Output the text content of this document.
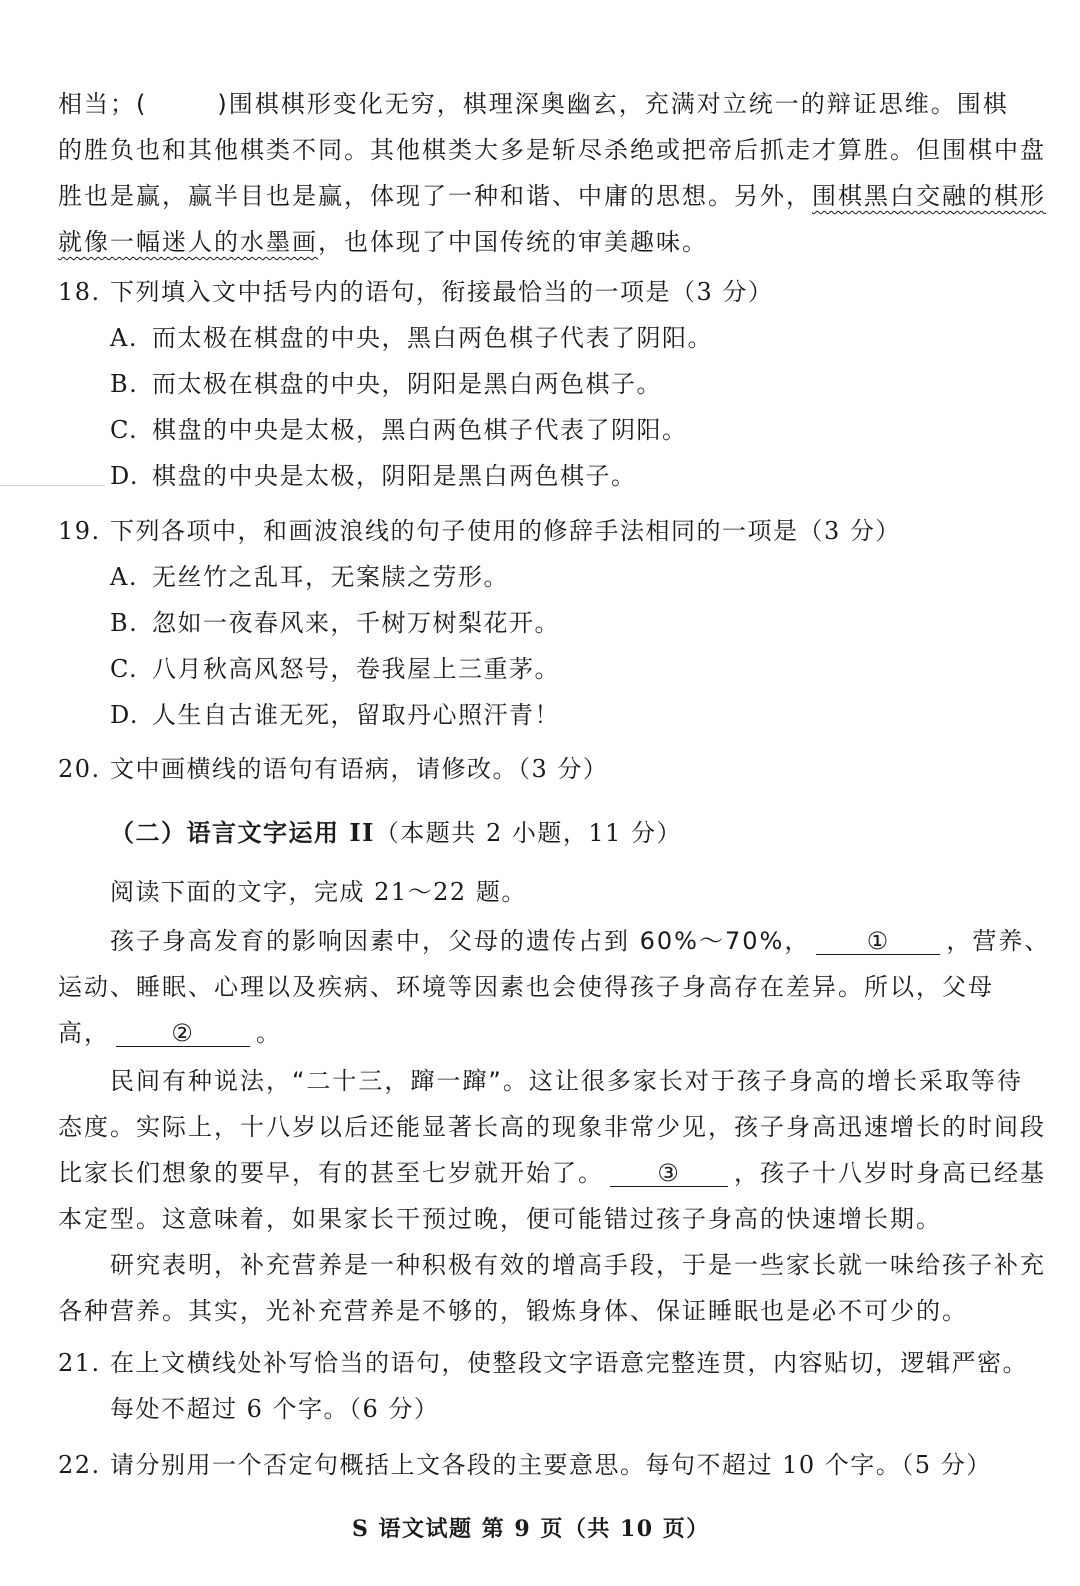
相当；(	)围棋棋形变化无穷，棋理深奥幽玄，充满对立统一的辩证思维。围棋
的胜负也和其他棋类不同。其他棋类大多是斩尽杀绝或把帝后抓走才算胜。但围棋中盘
胜也是赢，赢半目也是赢，体现了一种和谐、中庸的思想。另外，围棋黑白交融的棋形
就像一幅迷人的水墨画，也体现了中国传统的审美趣味。
18. 下列填入文中括号内的语句，衔接最恰当的一项是（3 分）
A. 而太极在棋盘的中央，黑白两色棋子代表了阴阳。
B. 而太极在棋盘的中央，阴阳是黑白两色棋子。
C. 棋盘的中央是太极，黑白两色棋子代表了阴阳。
D. 棋盘的中央是太极，阴阳是黑白两色棋子。
19. 下列各项中，和画波浪线的句子使用的修辞手法相同的一项是（3 分）
A. 无丝竹之乱耳，无案牍之劳形。
B. 忽如一夜春风来，千树万树梨花开。
C. 八月秋高风怒号，卷我屋上三重茅。
D. 人生自古谁无死，留取丹心照汗青！
20. 文中画横线的语句有语病，请修改。（3 分）
（二）语言文字运用 II（本题共 2 小题，11 分）
阅读下面的文字，完成 21～22 题。
孩子身高发育的影响因素中，父母的遗传占到 60%～70%， ① ，营养、
运动、睡眠、心理以及疾病、环境等因素也会使得孩子身高存在差异。所以，父母
高，	②	。
民间有种说法，“二十三，蹿一蹿”。这让很多家长对于孩子身高的增长采取等待
态度。实际上，十八岁以后还能显著长高的现象非常少见，孩子身高迅速增长的时间段
比家长们想象的要早，有的甚至七岁就开始了。 ③ ，孩子十八岁时身高已经基
本定型。这意味着，如果家长干预过晚，便可能错过孩子身高的快速增长期。
研究表明，补充营养是一种积极有效的增高手段，于是一些家长就一味给孩子补充
各种营养。其实，光补充营养是不够的，锻炼身体、保证睡眠也是必不可少的。
21. 在上文横线处补写恰当的语句，使整段文字语意完整连贯，内容贴切，逻辑严密。
每处不超过 6 个字。（6 分）
22. 请分别用一个否定句概括上文各段的主要意思。每句不超过 10 个字。（5 分）
S 语文试题 第 9 页（共 10 页）
